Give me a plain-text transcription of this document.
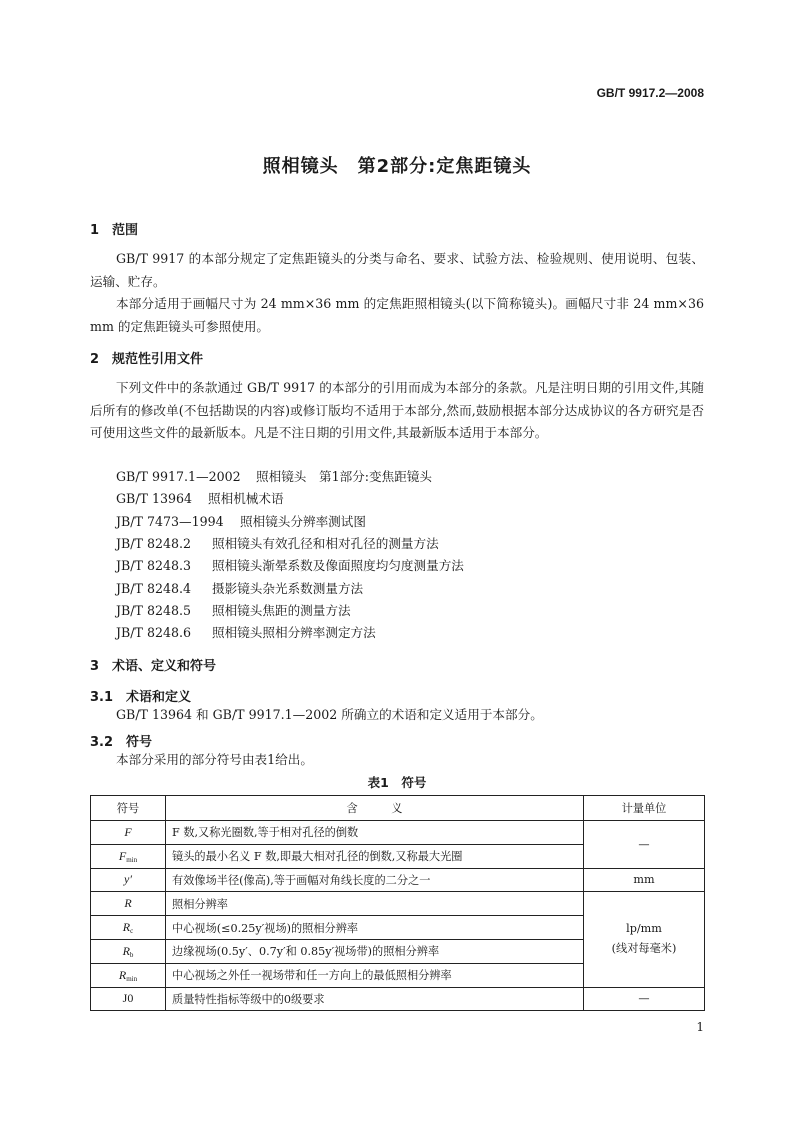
GB/T 9917.2—2008
照相镜头　第2部分:定焦距镜头
1　范围
GB/T 9917 的本部分规定了定焦距镜头的分类与命名、要求、试验方法、检验规则、使用说明、包装、运输、贮存。
本部分适用于画幅尺寸为 24 mm×36 mm 的定焦距照相镜头(以下简称镜头)。画幅尺寸非 24 mm×36 mm 的定焦距镜头可参照使用。
2　规范性引用文件
下列文件中的条款通过 GB/T 9917 的本部分的引用而成为本部分的条款。凡是注明日期的引用文件,其随后所有的修改单(不包括勘误的内容)或修订版均不适用于本部分,然而,鼓励根据本部分达成协议的各方研究是否可使用这些文件的最新版本。凡是不注日期的引用文件,其最新版本适用于本部分。
GB/T 9917.1—2002 照相镜头　第1部分:变焦距镜头
GB/T 13964 照相机械术语
JB/T 7473—1994 照相镜头分辨率测试图
JB/T 8248.2 照相镜头有效孔径和相对孔径的测量方法
JB/T 8248.3 照相镜头渐晕系数及像面照度均匀度测量方法
JB/T 8248.4 摄影镜头杂光系数测量方法
JB/T 8248.5 照相镜头焦距的测量方法
JB/T 8248.6 照相镜头照相分辨率测定方法
3　术语、定义和符号
3.1　术语和定义
GB/T 13964 和 GB/T 9917.1—2002 所确立的术语和定义适用于本部分。
3.2　符号
本部分采用的部分符号由表1给出。
表1　符号
符号	含　　　义	计量单位
F	F 数,又称光圈数,等于相对孔径的倒数	—
$F_{min}$	镜头的最小名义 F 数,即最大相对孔径的倒数,又称最大光圈	
y′	有效像场半径(像高),等于画幅对角线长度的二分之一	mm
R	照相分辨率	lp/mm
(线对每毫米)

$R_c$	中心视场(≤0.25y′视场)的照相分辨率	
$R_b$	边缘视场(0.5y′、0.7y′和 0.85y′视场带)的照相分辨率	
$R_{min}$	中心视场之外任一视场带和任一方向上的最低照相分辨率	
J0	质量特性指标等级中的0级要求	—
1
